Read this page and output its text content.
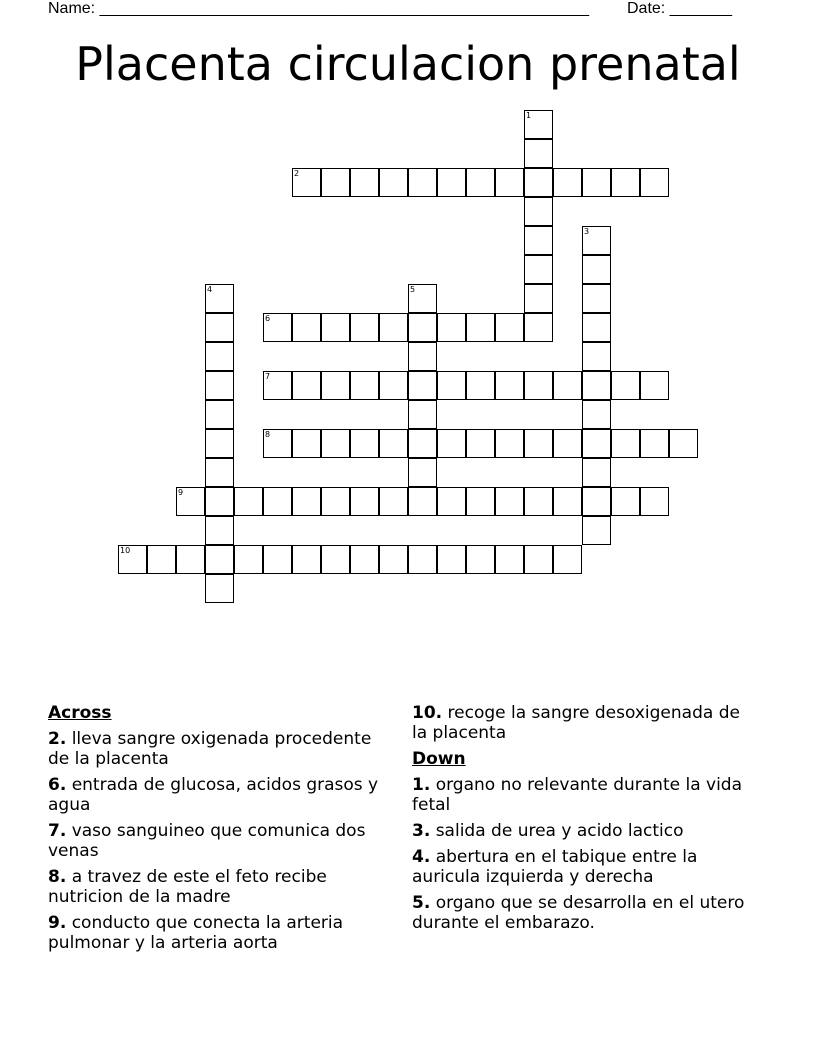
Name: _______________________________________________________ Date: _______
Placenta circulacion prenatal
1
2
3
4	5
6
7
8
9
10
Across
2. lleva sangre oxigenada procedente de la placenta
6. entrada de glucosa, acidos grasos y agua
7. vaso sanguineo que comunica dos venas
8. a travez de este el feto recibe nutricion de la madre
9. conducto que conecta la arteria pulmonar y la arteria aorta
10. recoge la sangre desoxigenada de la placenta
Down
1. organo no relevante durante la vida fetal
3. salida de urea y acido lactico
4. abertura en el tabique entre la auricula izquierda y derecha
5. organo que se desarrolla en el utero durante el embarazo.
